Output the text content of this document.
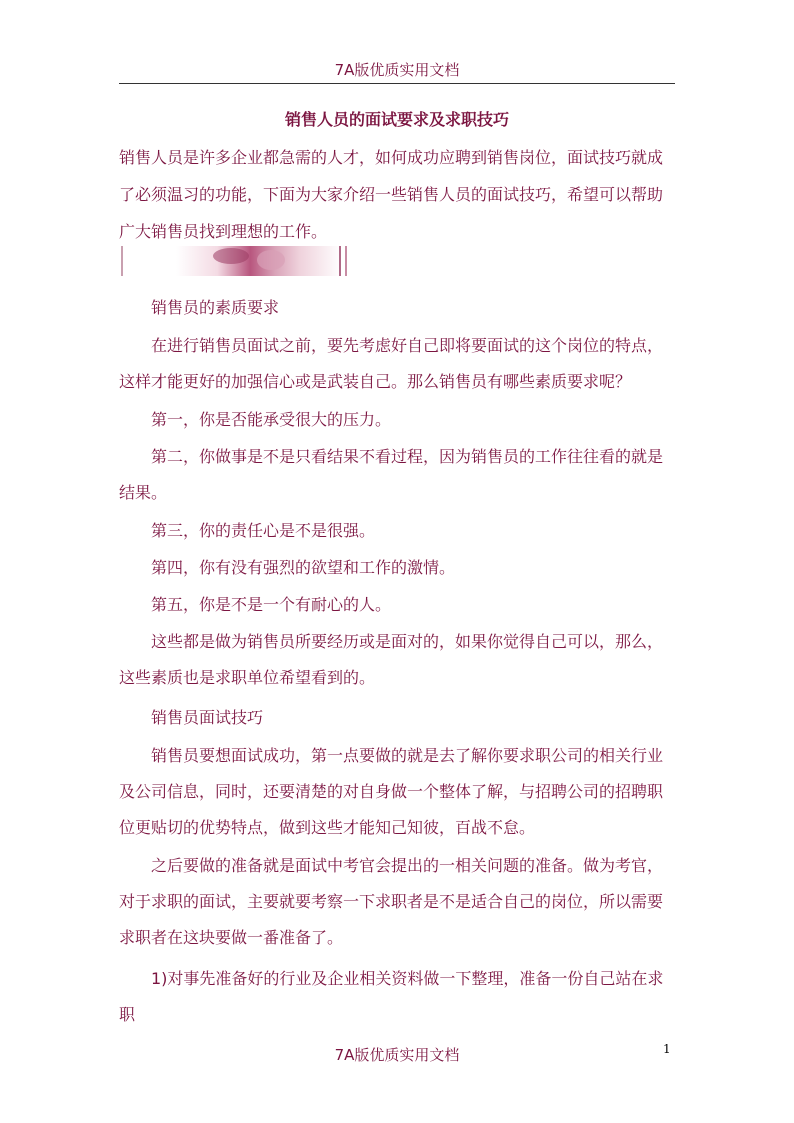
7A版优质实用文档
销售人员的面试要求及求职技巧

销售人员是许多企业都急需的人才，如何成功应聘到销售岗位，面试技巧就成了必须温习的功能，下面为大家介绍一些销售人员的面试技巧，希望可以帮助广大销售员找到理想的工作。

销售员的素质要求

在进行销售员面试之前，要先考虑好自己即将要面试的这个岗位的特点，这样才能更好的加强信心或是武装自己。那么销售员有哪些素质要求呢？

第一，你是否能承受很大的压力。

第二，你做事是不是只看结果不看过程，因为销售员的工作往往看的就是结果。

第三，你的责任心是不是很强。

第四，你有没有强烈的欲望和工作的激情。

第五，你是不是一个有耐心的人。

这些都是做为销售员所要经历或是面对的，如果你觉得自己可以，那么，这些素质也是求职单位希望看到的。

销售员面试技巧

销售员要想面试成功，第一点要做的就是去了解你要求职公司的相关行业及公司信息，同时，还要清楚的对自身做一个整体了解，与招聘公司的招聘职位更贴切的优势特点，做到这些才能知己知彼，百战不怠。

之后要做的准备就是面试中考官会提出的一相关问题的准备。做为考官，对于求职的面试，主要就要考察一下求职者是不是适合自己的岗位，所以需要求职者在这块要做一番准备了。

1)对事先准备好的行业及企业相关资料做一下整理，准备一份自己站在求职

1
7A版优质实用文档
